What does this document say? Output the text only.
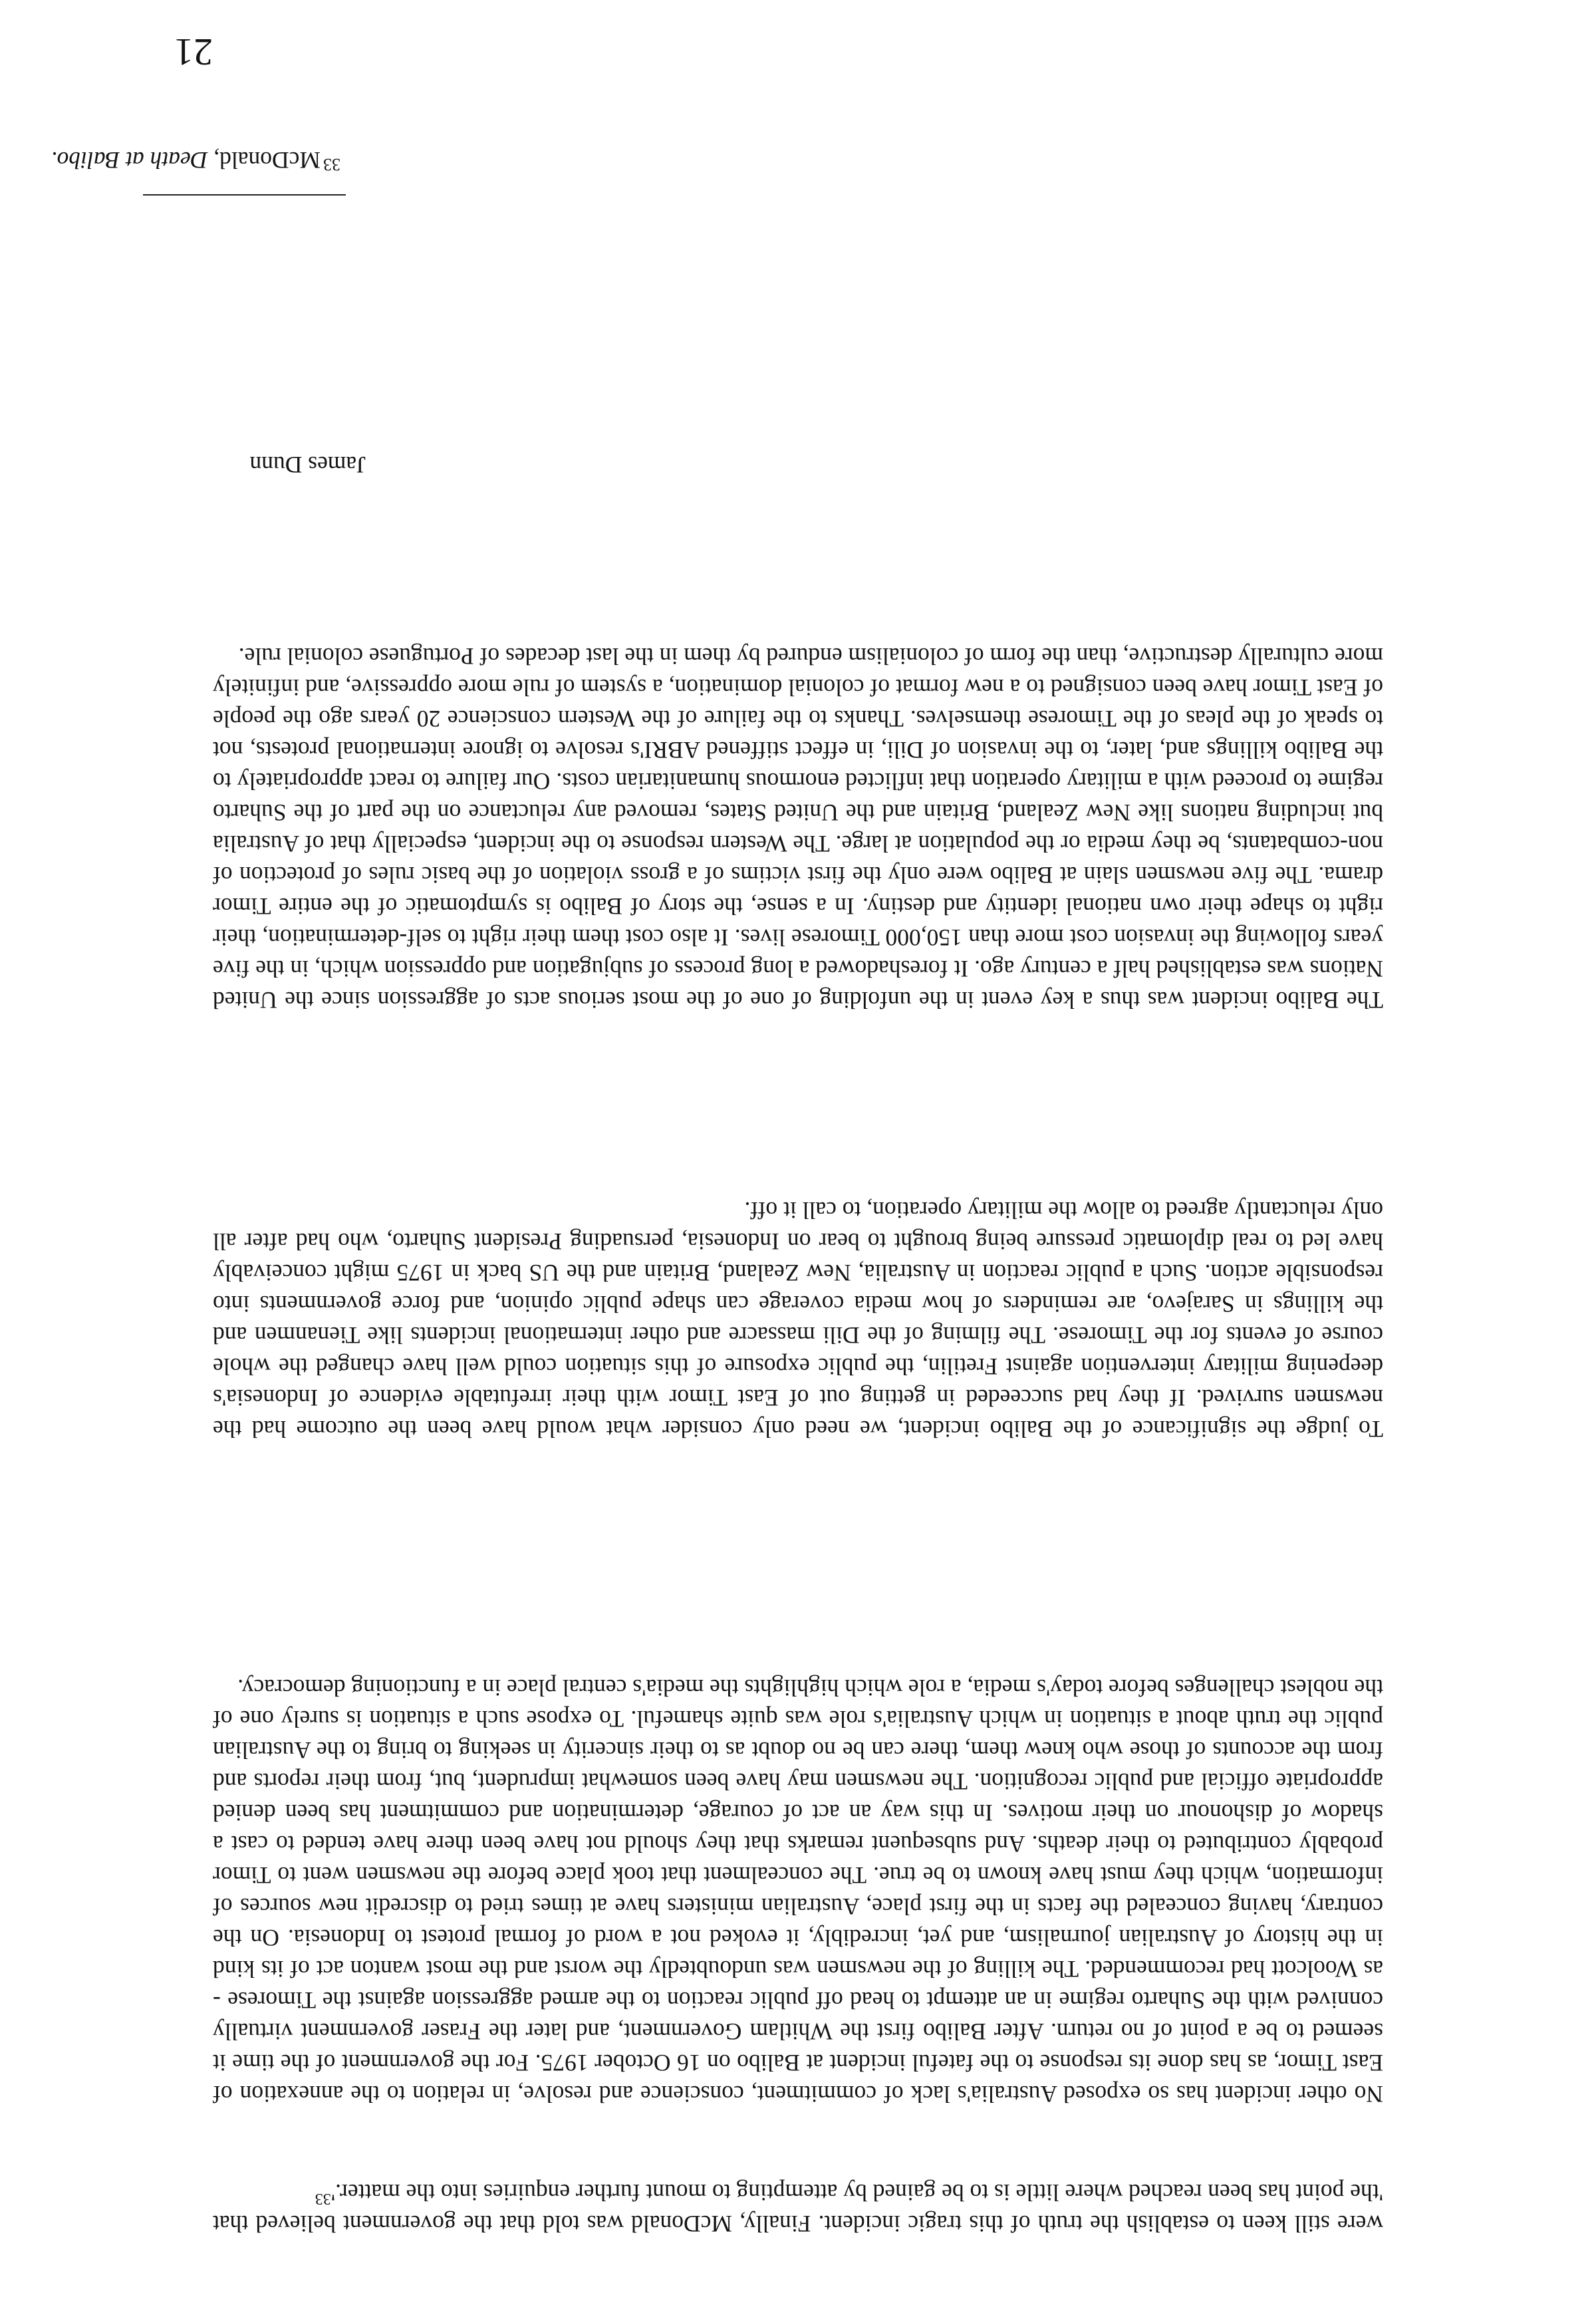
21

were still keen to establish the truth of this tragic incident. Finally, McDonald was told that the government believed that 'the point has been reached where little is to be gained by attempting to mount further enquiries into the matter.'$^{33}$

No other incident has so exposed Australia's lack of commitment, conscience and resolve, in relation to the annexation of East Timor, as has done its response to the fateful incident at Balibo on 16 October 1975. For the government of the time it seemed to be a point of no return. After Balibo first the Whitlam Government, and later the Fraser government virtually connived with the Suharto regime in an attempt to head off public reaction to the armed aggression against the Timorese - as Woolcott had recommended. The killing of the newsmen was undoubtedly the worst and the most wanton act of its kind in the history of Australian journalism, and yet, incredibly, it evoked not a word of formal protest to Indonesia. On the contrary, having concealed the facts in the first place, Australian ministers have at times tried to discredit new sources of information, which they must have known to be true. The concealment that took place before the newsmen went to Timor probably contributed to their deaths. And subsequent remarks that they should not have been there have tended to cast a shadow of dishonour on their motives. In this way an act of courage, determination and commitment has been denied appropriate official and public recognition. The newsmen may have been somewhat imprudent, but, from their reports and from the accounts of those who knew them, there can be no doubt as to their sincerity in seeking to bring to the Australian public the truth about a situation in which Australia's role was quite shameful. To expose such a situation is surely one of the noblest challenges before today's media, a role which highlights the media's central place in a functioning democracy.

To judge the significance of the Balibo incident, we need only consider what would have been the outcome had the newsmen survived. If they had succeeded in getting out of East Timor with their irrefutable evidence of Indonesia's deepening military intervention against Fretilin, the public exposure of this situation could well have changed the whole course of events for the Timorese. The filming of the Dili massacre and other international incidents like Tienanmen and the killings in Sarajevo, are reminders of how media coverage can shape public opinion, and force governments into responsible action. Such a public reaction in Australia, New Zealand, Britain and the US back in 1975 might conceivably have led to real diplomatic pressure being brought to bear on Indonesia, persuading President Suharto, who had after all only reluctantly agreed to allow the military operation, to call it off.

The Balibo incident was thus a key event in the unfolding of one of the most serious acts of aggression since the United Nations was established half a century ago. It foreshadowed a long process of subjugation and oppression which, in the five years following the invasion cost more than 150,000 Timorese lives. It also cost them their right to self-determination, their right to shape their own national identity and destiny. In a sense, the story of Balibo is symptomatic of the entire Timor drama. The five newsmen slain at Balibo were only the first victims of a gross violation of the basic rules of protection of non-combatants, be they media or the population at large. The Western response to the incident, especially that of Australia but including nations like New Zealand, Britain and the United States, removed any reluctance on the part of the Suharto regime to proceed with a military operation that inflicted enormous humanitarian costs. Our failure to react appropriately to the Balibo killings and, later, to the invasion of Dili, in effect stiffened ABRI's resolve to ignore international protests, not to speak of the pleas of the Timorese themselves. Thanks to the failure of the Western conscience 20 years ago the people of East Timor have been consigned to a new format of colonial domination, a system of rule more oppressive, and infinitely more culturally destructive, than the form of colonialism endured by them in the last decades of Portuguese colonial rule.

James Dunn

$^{33}$McDonald, Death at Balibo.
